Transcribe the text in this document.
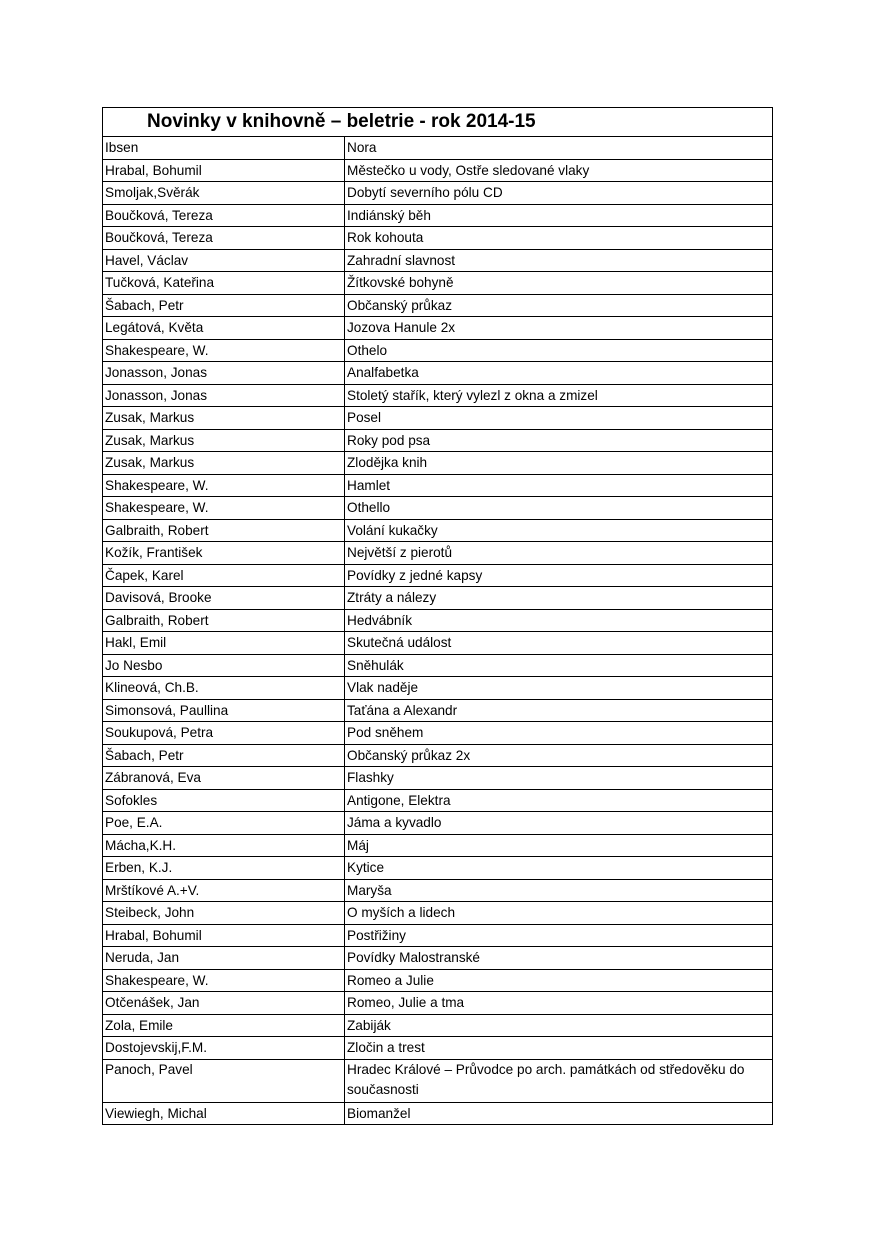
Novinky v knihovně – beletrie - rok 2014-15	
Ibsen	Nora
Hrabal, Bohumil	Městečko u vody, Ostře sledované vlaky
Smoljak,Svěrák	Dobytí severního pólu CD
Boučková, Tereza	Indiánský běh
Boučková, Tereza	Rok kohouta
Havel, Václav	Zahradní slavnost
Tučková, Kateřina	Žítkovské bohyně
Šabach, Petr	Občanský průkaz
Legátová, Květa	Jozova Hanule 2x
Shakespeare, W.	Othelo
Jonasson, Jonas	Analfabetka
Jonasson, Jonas	Stoletý stařík, který vylezl z okna a zmizel
Zusak, Markus	Posel
Zusak, Markus	Roky pod psa
Zusak, Markus	Zlodějka knih
Shakespeare, W.	Hamlet
Shakespeare, W.	Othello
Galbraith, Robert	Volání kukačky
Kožík, František	Největší z pierotů
Čapek, Karel	Povídky z jedné kapsy
Davisová, Brooke	Ztráty a nálezy
Galbraith, Robert	Hedvábník
Hakl, Emil	Skutečná událost
Jo Nesbo	Sněhulák
Klineová, Ch.B.	Vlak naděje
Simonsová, Paullina	Taťána a Alexandr
Soukupová, Petra	Pod sněhem
Šabach, Petr	Občanský průkaz 2x
Zábranová, Eva	Flashky
Sofokles	Antigone, Elektra
Poe, E.A.	Jáma a kyvadlo
Mácha,K.H.	Máj
Erben, K.J.	Kytice
Mrštíkové A.+V.	Maryša
Steibeck, John	O myších a lidech
Hrabal, Bohumil	Postřižiny
Neruda, Jan	Povídky Malostranské
Shakespeare, W.	Romeo a Julie
Otčenášek, Jan	Romeo, Julie a tma
Zola, Emile	Zabiják
Dostojevskij,F.M.	Zločin a trest
Panoch, Pavel	Hradec Králové – Průvodce po arch. památkách od středověku do současnosti
Viewiegh, Michal	Biomanžel
